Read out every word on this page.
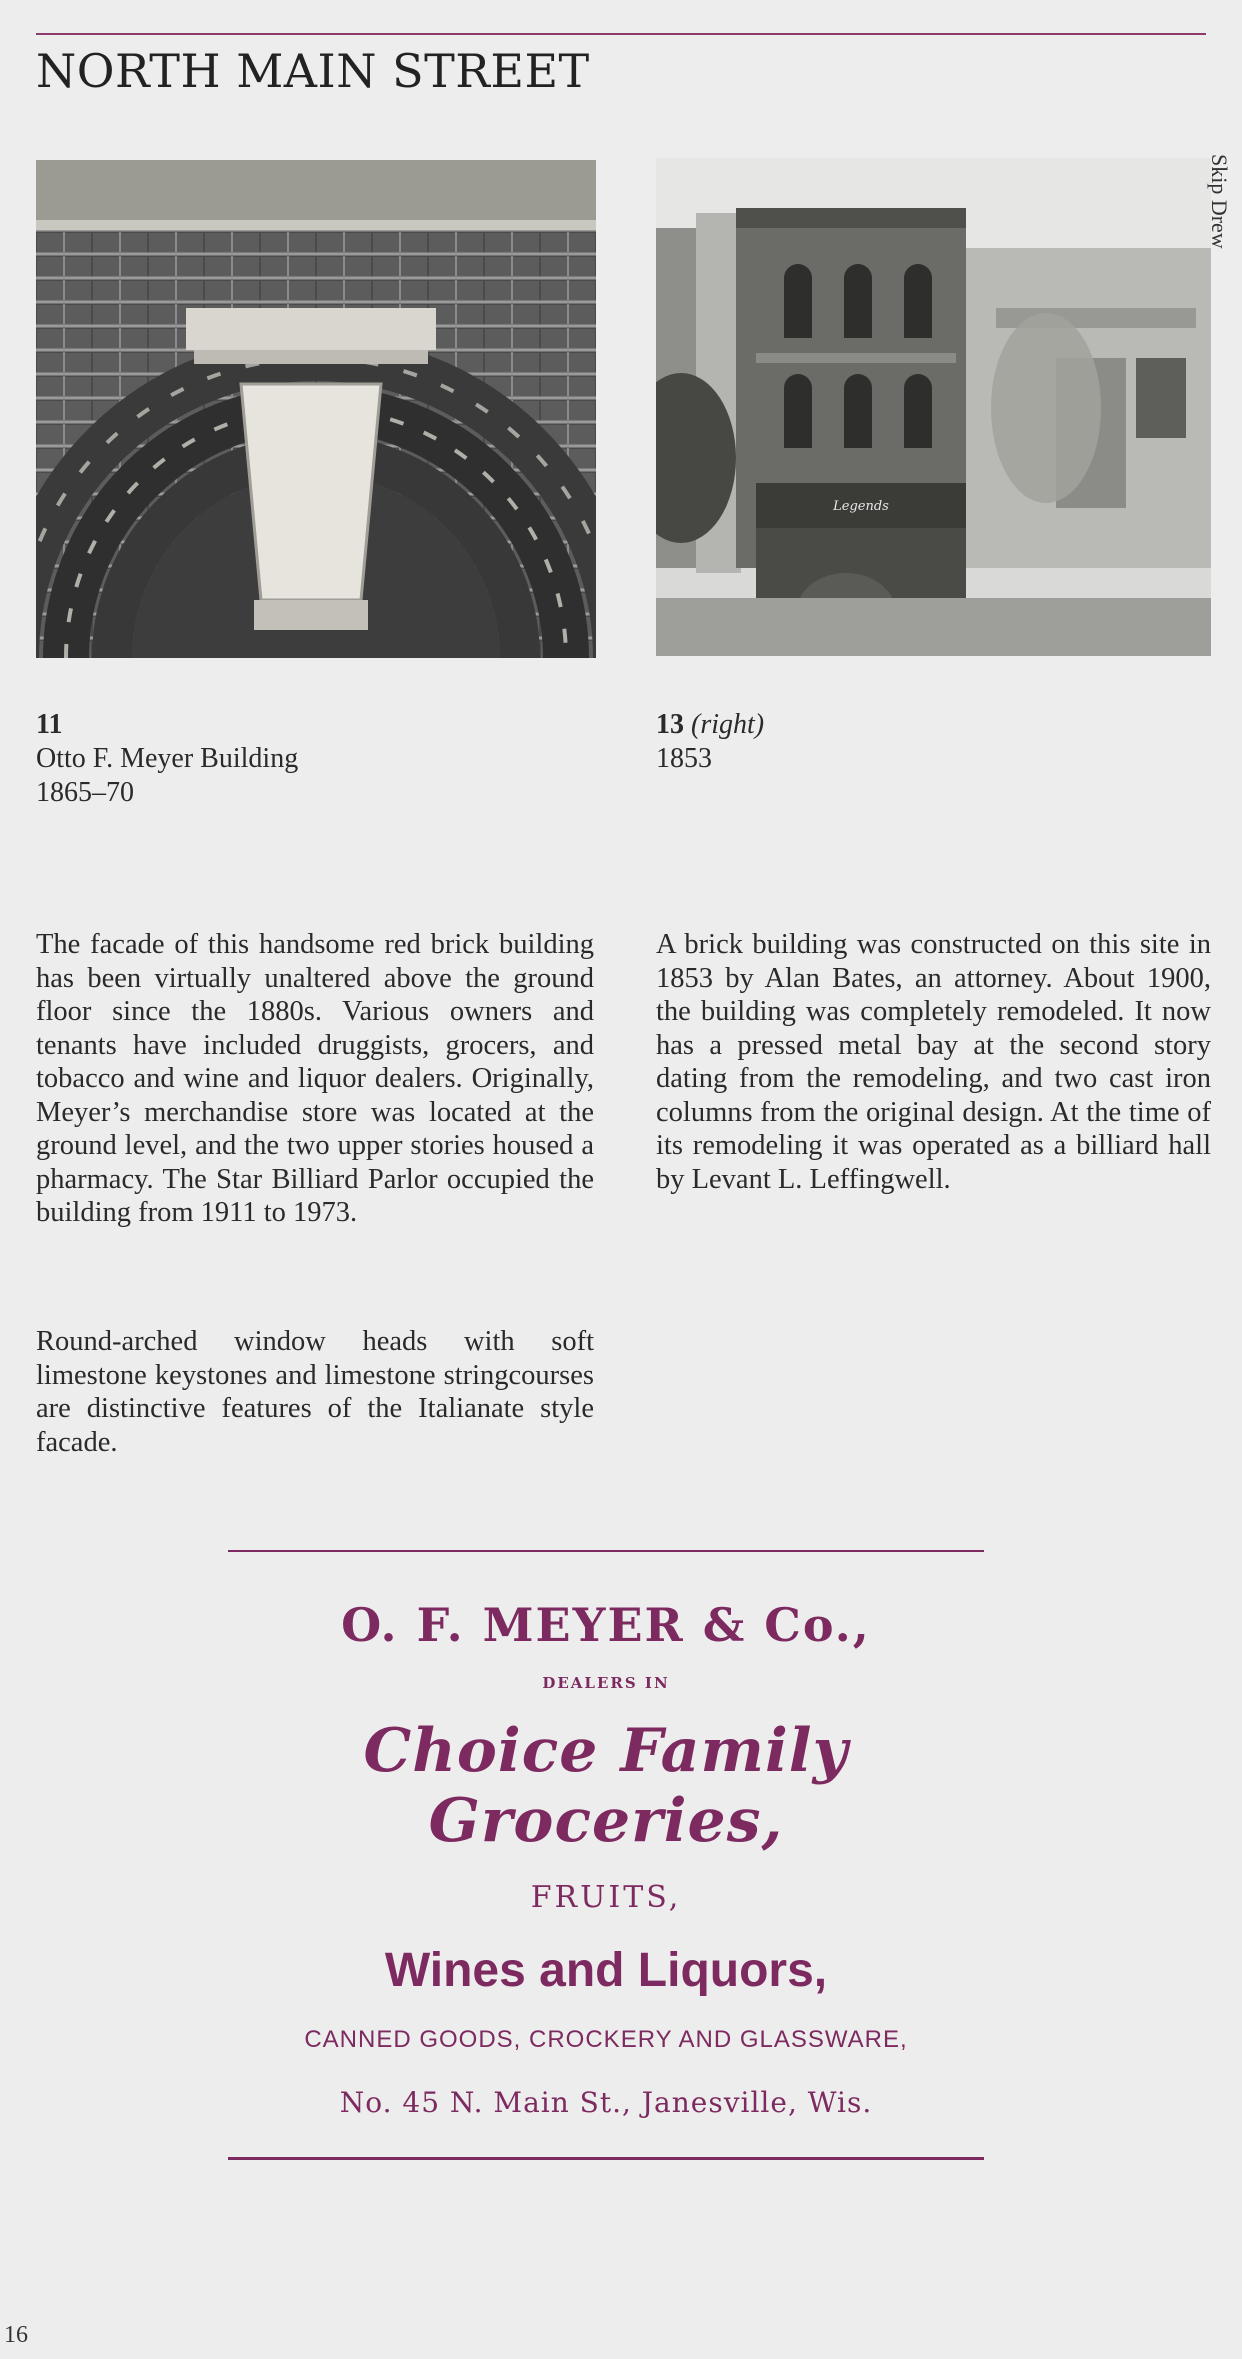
NORTH MAIN STREET
Legends
Skip Drew
11
Otto F. Meyer Building
1865–70
13 (right)
1853

The facade of this handsome red brick building has been virtually unaltered above the ground floor since the 1880s. Various owners and tenants have included druggists, grocers, and tobacco and wine and liquor dealers. Originally, Meyer’s merchandise store was located at the ground level, and the two upper stories housed a pharmacy. The Star Billiard Parlor occupied the building from 1911 to 1973.

Round-arched window heads with soft limestone keystones and limestone stringcourses are distinctive features of the Italianate style facade.

A brick building was constructed on this site in 1853 by Alan Bates, an attorney. About 1900, the building was completely remodeled. It now has a pressed metal bay at the second story dating from the remodeling, and two cast iron columns from the original design. At the time of its remodeling it was operated as a billiard hall by Levant L. Leffingwell.

O. F. MEYER & Co.,
DEALERS IN
Choice Family Groceries,
FRUITS,
Wines and Liquors,
CANNED GOODS, CROCKERY AND GLASSWARE,
No. 45 N. Main St., Janesville, Wis.
16
